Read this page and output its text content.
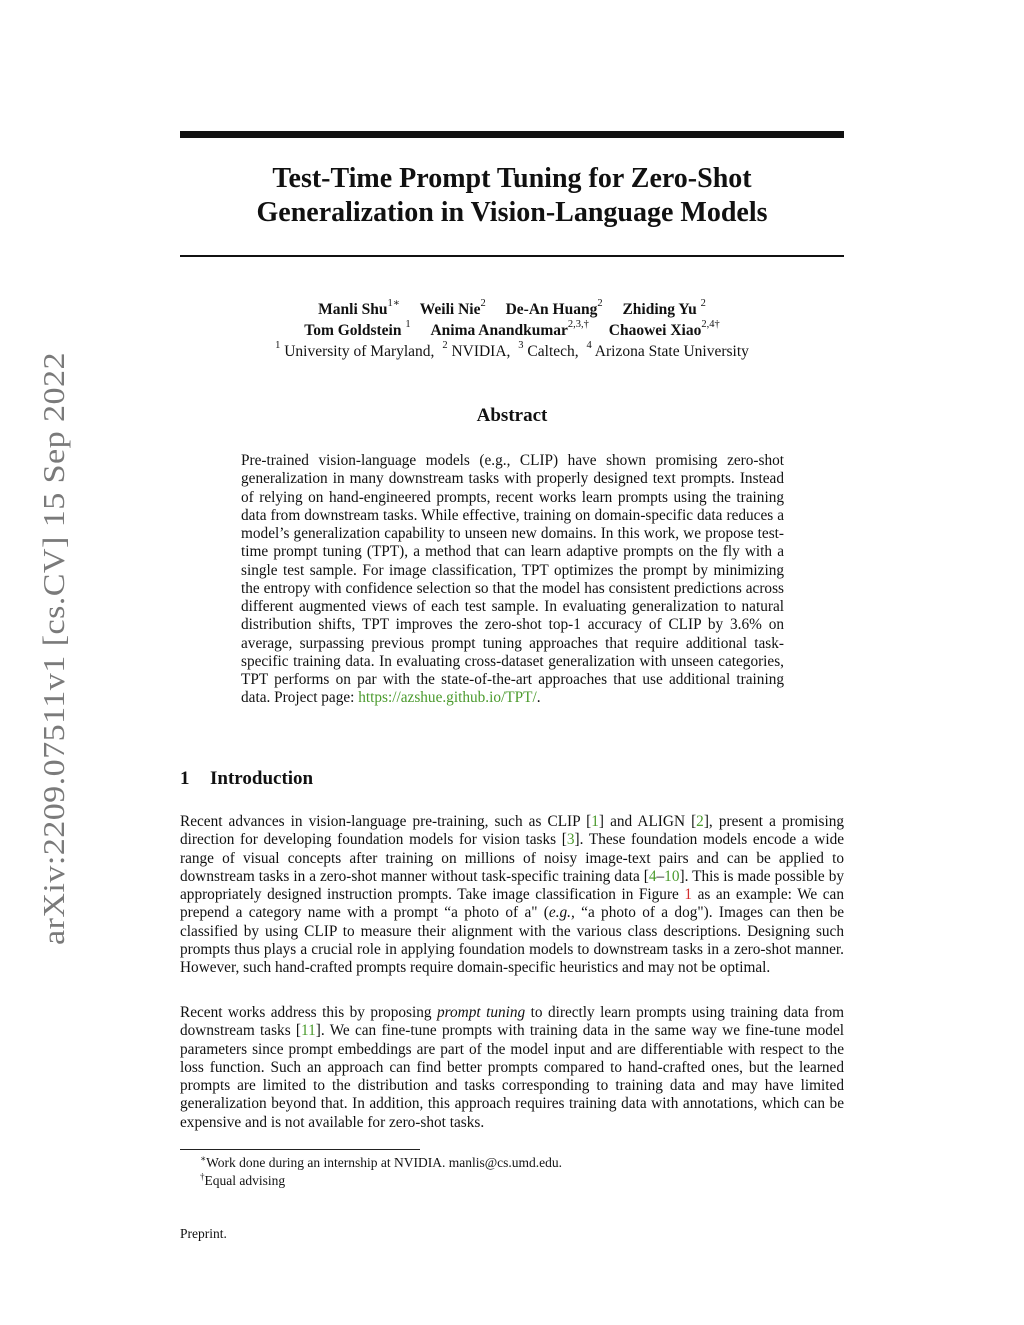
arXiv:2209.07511v1 [cs.CV] 15 Sep 2022
Test-Time Prompt Tuning for Zero-Shot
Generalization in Vision-Language Models
Manli Shu$^{1∗}$ Weili Nie$^2$ De-An Huang$^2$ Zhiding Yu $^2$
Tom Goldstein $^1$ Anima Anandkumar$^{2,3,\dagger}$ Chaowei Xiao$^{2,4\dagger}$
$^1$ University of Maryland, $^2$ NVIDIA, $^3$ Caltech, $^4$ Arizona State University
Abstract

Pre-trained vision-language models (e.g., CLIP) have shown promising zero-shot generalization in many downstream tasks with properly designed text prompts. Instead of relying on hand-engineered prompts, recent works learn prompts using the training data from downstream tasks. While effective, training on domain-specific data reduces a model’s generalization capability to unseen new domains. In this work, we propose test-time prompt tuning (TPT), a method that can learn adaptive prompts on the fly with a single test sample. For image classification, TPT optimizes the prompt by minimizing the entropy with confidence selection so that the model has consistent predictions across different augmented views of each test sample. In evaluating generalization to natural distribution shifts, TPT improves the zero-shot top-1 accuracy of CLIP by 3.6% on average, surpassing previous prompt tuning approaches that require additional task-specific training data. In evaluating cross-dataset generalization with unseen categories, TPT performs on par with the state-of-the-art approaches that use additional training data. Project page: https://azshue.github.io/TPT/.

1 Introduction

Recent advances in vision-language pre-training, such as CLIP [1] and ALIGN [2], present a promising direction for developing foundation models for vision tasks [3]. These foundation models encode a wide range of visual concepts after training on millions of noisy image-text pairs and can be applied to downstream tasks in a zero-shot manner without task-specific training data [4–10]. This is made possible by appropriately designed instruction prompts. Take image classification in Figure 1 as an example: We can prepend a category name with a prompt “a photo of a" (e.g., “a photo of a dog"). Images can then be classified by using CLIP to measure their alignment with the various class descriptions. Designing such prompts thus plays a crucial role in applying foundation models to downstream tasks in a zero-shot manner. However, such hand-crafted prompts require domain-specific heuristics and may not be optimal.

Recent works address this by proposing prompt tuning to directly learn prompts using training data from downstream tasks [11]. We can fine-tune prompts with training data in the same way we fine-tune model parameters since prompt embeddings are part of the model input and are differentiable with respect to the loss function. Such an approach can find better prompts compared to hand-crafted ones, but the learned prompts are limited to the distribution and tasks corresponding to training data and may have limited generalization beyond that. In addition, this approach requires training data with annotations, which can be expensive and is not available for zero-shot tasks.

∗Work done during an internship at NVIDIA. manlis@cs.umd.edu.
†Equal advising
Preprint.
